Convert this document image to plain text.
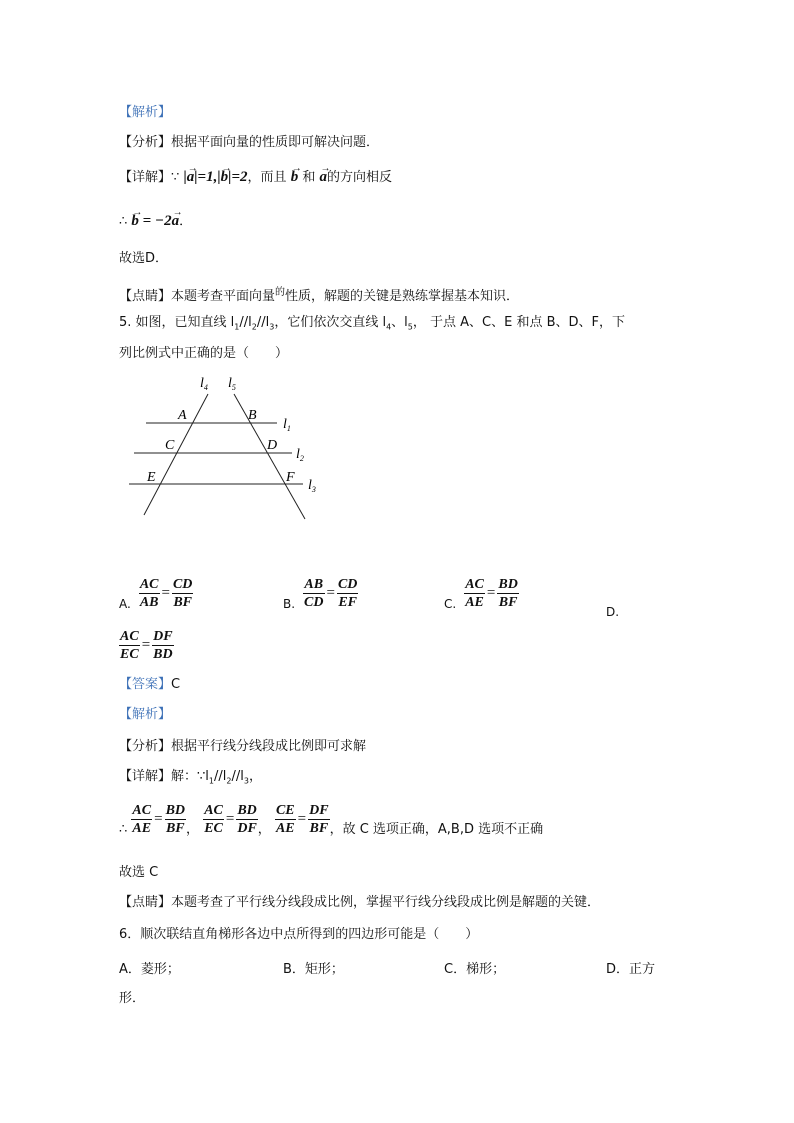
【解析】
【分析】根据平面向量的性质即可解决问题．
【详解】∵ |a
→
|=1,|b
→
|=2，而且 b
→
和 a
→
的方向相反
∴ b
→
= −2a
→
．
故选D．
【点睛】本题考查平面向量$^的$性质，解题的关键是熟练掌握基本知识．
5. 如图，已知直线 $l_1//l_2//l_3$，它们依次交直线 $l_4$、$l_5$， 于点 A、C、E 和点 B、D、F，下
列比例式中正确的是（　　）
$l_4$ $l_5$
$l_1$
$l_2$
$l_3$
A	B
C	D
E	F
A. $\frac{AC}{AB} = \frac{CD}{BF}$	B. $\frac{AB}{CD} = \frac{CD}{EF}$	C. $\frac{AC}{AE} = \frac{BD}{BF}$
D.
$\frac{AC}{EC} = \frac{DF}{BD}$
【答案】C
【解析】
【分析】根据平行线分线段成比例即可求解
【详解】解：$\because l_1//l_2//l_3$，
∴ $\frac{AC}{AE} = \frac{BD}{BF}$ ， $\frac{AC}{EC} = \frac{BD}{DF}$ ， $\frac{CE}{AE} = \frac{DF}{BF}$ ，故 C 选项正确，A,B,D 选项不正确
故选 C
【点睛】本题考查了平行线分线段成比例，掌握平行线分线段成比例是解题的关键．
6．顺次联结直角梯形各边中点所得到的四边形可能是（　　）
A．菱形；	B．矩形；	C．梯形；	D．正方
形．
